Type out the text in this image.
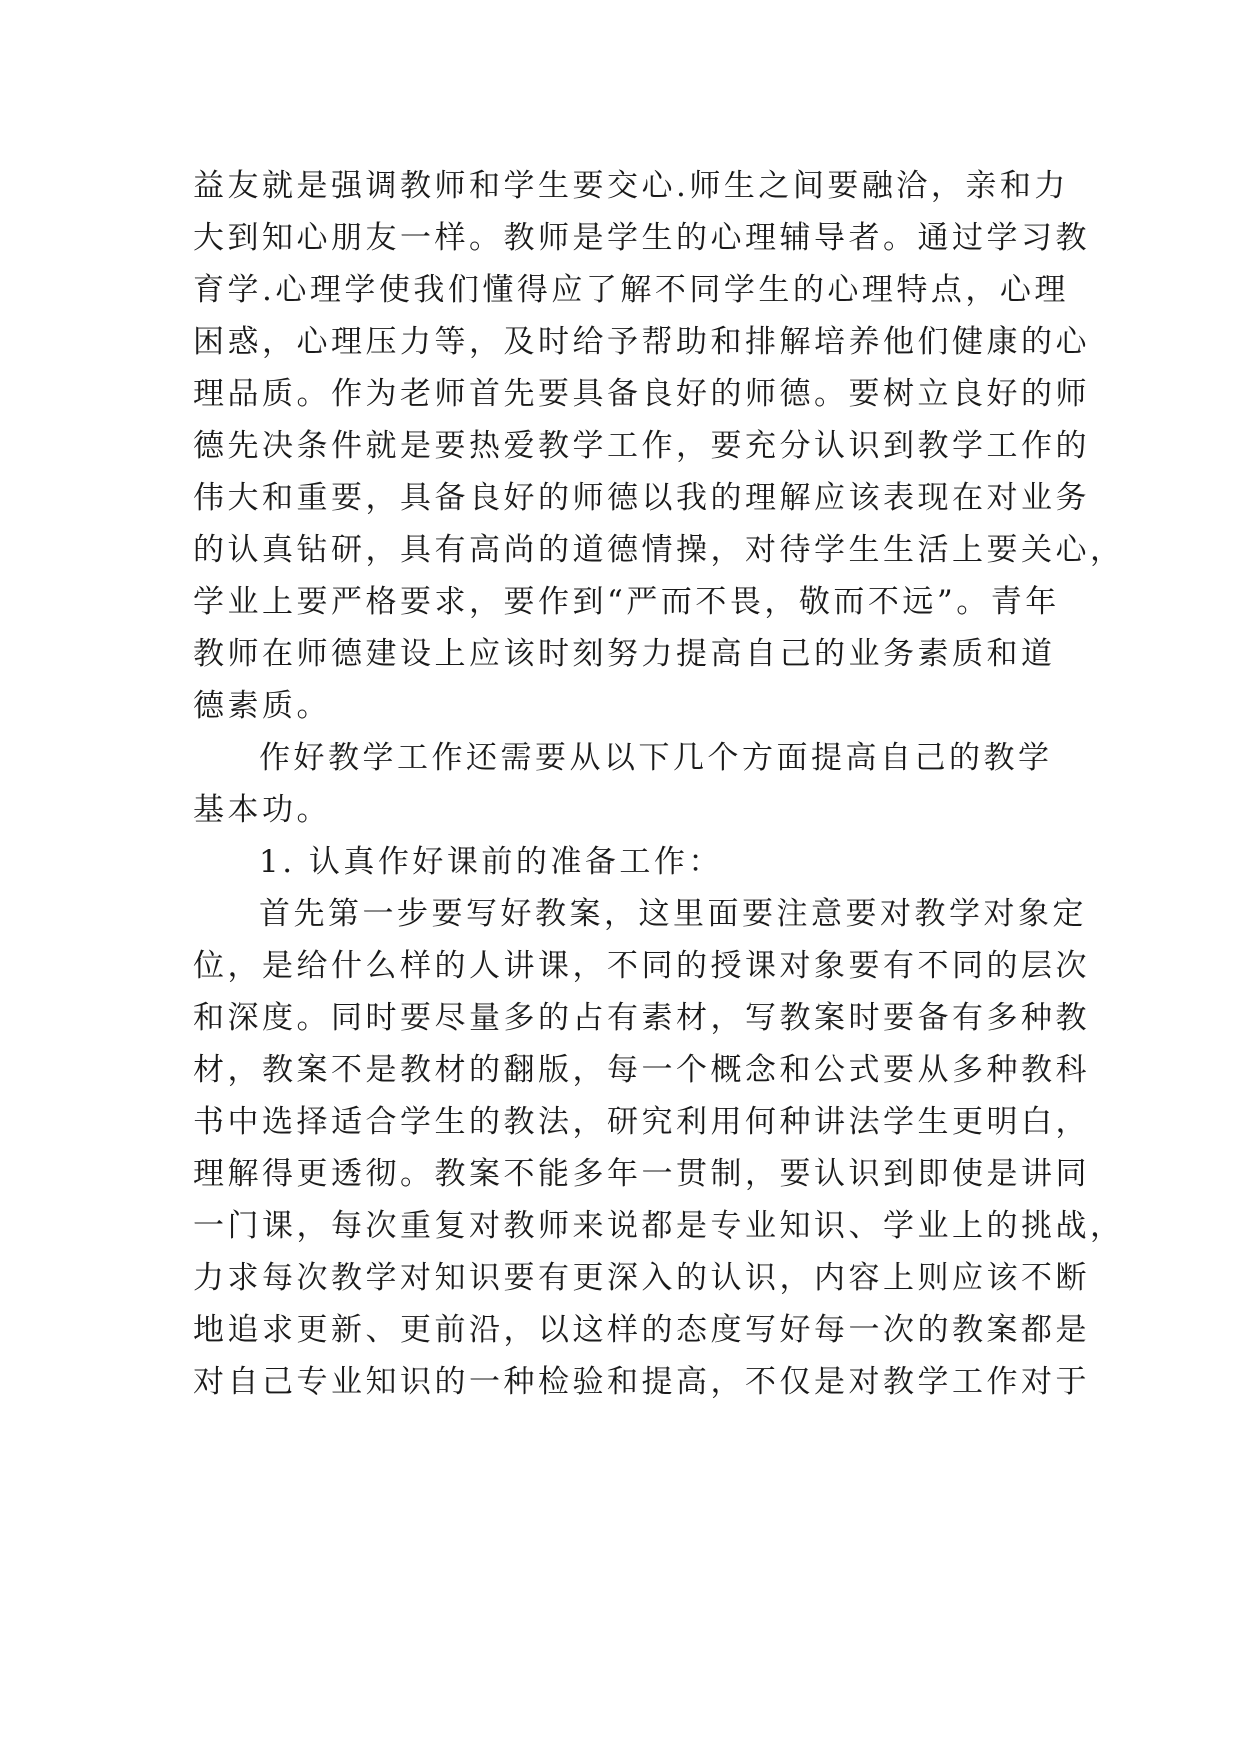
益友就是强调教师和学生要交心.师生之间要融洽，亲和力
大到知心朋友一样。教师是学生的心理辅导者。通过学习教
育学.心理学使我们懂得应了解不同学生的心理特点，心理
困惑，心理压力等，及时给予帮助和排解培养他们健康的心
理品质。作为老师首先要具备良好的师德。要树立良好的师
德先决条件就是要热爱教学工作，要充分认识到教学工作的
伟大和重要，具备良好的师德以我的理解应该表现在对业务
的认真钻研，具有高尚的道德情操，对待学生生活上要关心，
学业上要严格要求，要作到“严而不畏，敬而不远”。青年
教师在师德建设上应该时刻努力提高自己的业务素质和道
德素质。
作好教学工作还需要从以下几个方面提高自己的教学
基本功。
1. 认真作好课前的准备工作：
首先第一步要写好教案，这里面要注意要对教学对象定
位，是给什么样的人讲课，不同的授课对象要有不同的层次
和深度。同时要尽量多的占有素材，写教案时要备有多种教
材，教案不是教材的翻版，每一个概念和公式要从多种教科
书中选择适合学生的教法，研究利用何种讲法学生更明白，
理解得更透彻。教案不能多年一贯制，要认识到即使是讲同
一门课，每次重复对教师来说都是专业知识、学业上的挑战，
力求每次教学对知识要有更深入的认识，内容上则应该不断
地追求更新、更前沿，以这样的态度写好每一次的教案都是
对自己专业知识的一种检验和提高，不仅是对教学工作对于
